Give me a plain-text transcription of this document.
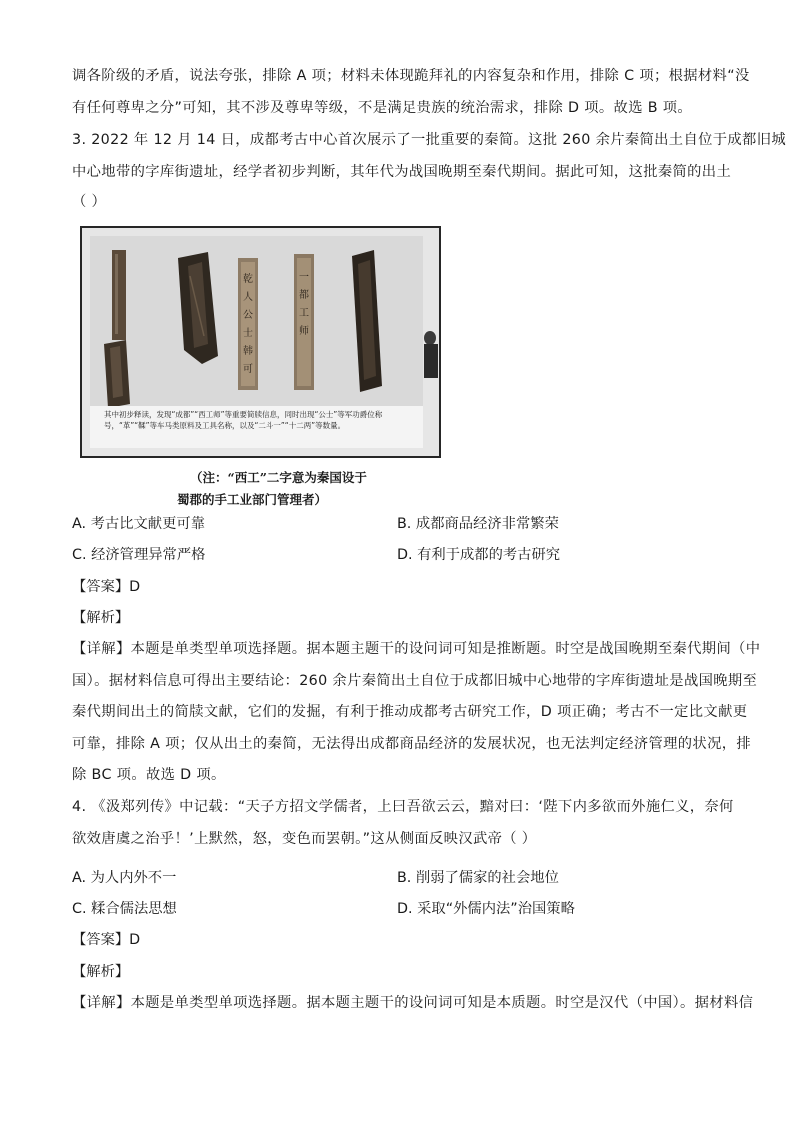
调各阶级的矛盾，说法夸张，排除 A 项；材料未体现跪拜礼的内容复杂和作用，排除 C 项；根据材料“没
有任何尊卑之分”可知，其不涉及尊卑等级，不是满足贵族的统治需求，排除 D 项。故选 B 项。
3. 2022 年 12 月 14 日，成都考古中心首次展示了一批重要的秦简。这批 260 余片秦简出土自位于成都旧城
中心地带的字库街遗址，经学者初步判断，其年代为战国晚期至秦代期间。据此可知，这批秦简的出土
（ ）
乾
人
公
士
韩
可
一
都
工
师
其中初步释读，发现“成都”“西工师”等重要简牍信息，同时出现“公士”等军功爵位称号，“革”“鞣”等车马类原料及工具名称，以及“二斗一”“十二两”等数量。
（注：“西工”二字意为秦国设于
蜀郡的手工业部门管理者）
A. 考古比文献更可靠	B. 成都商品经济非常繁荣
C. 经济管理异常严格	D. 有利于成都的考古研究
【答案】D
【解析】
【详解】本题是单类型单项选择题。据本题主题干的设问词可知是推断题。时空是战国晚期至秦代期间（中
国）。据材料信息可得出主要结论：260 余片秦简出土自位于成都旧城中心地带的字库街遗址是战国晚期至
秦代期间出土的简牍文献，它们的发掘，有利于推动成都考古研究工作，D 项正确；考古不一定比文献更
可靠，排除 A 项；仅从出土的秦简，无法得出成都商品经济的发展状况，也无法判定经济管理的状况，排
除 BC 项。故选 D 项。
4. 《汲郑列传》中记载：“天子方招文学儒者，上曰吾欲云云，黯对曰：‘陛下内多欲而外施仁义，奈何
欲效唐虞之治乎！’上默然，怒，变色而罢朝。”这从侧面反映汉武帝（ ）
A. 为人内外不一	B. 削弱了儒家的社会地位
C. 糅合儒法思想	D. 采取“外儒内法”治国策略
【答案】D
【解析】
【详解】本题是单类型单项选择题。据本题主题干的设问词可知是本质题。时空是汉代（中国）。据材料信
